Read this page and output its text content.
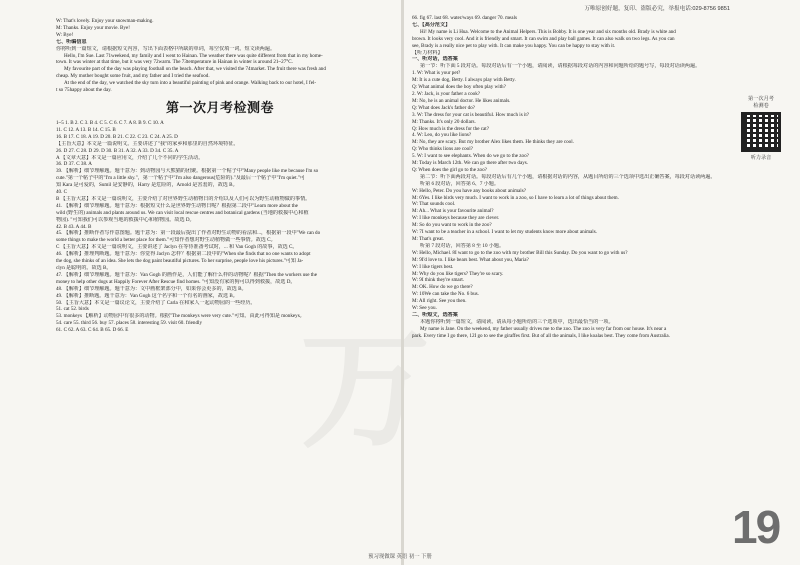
万
W: That's lovely. Enjoy your snowman-making.
M: Thanks. Enjoy your movie. Bye!
W: Bye!
七、听编信息
你将听到一篇短文，请根据短文内容，写出下面表格中所缺的单词，每空仅填一词。短文读两遍。
Hello, I'm Sue. Last 71weekend, my family and I went to Hainan. The weather there was quite different from that in my home-
town. It was winter at that time, but it was very 72warm. The 73temperature in Hainan in winter is around 21~27°C.
My favourite part of the day was playing football on the beach. After that, we visited the 74market. The fruit there was fresh and
cheap. My mother bought some fruit, and my father and I tried the seafood.
At the end of the day, we watched the sky turn into a beautiful painting of pink and orange. Walking back to our hotel, I fel-
t so 75happy about the day.
第一次月考检测卷
1~5 1. B 2. C 3. B 4. C 5. C 6. C 7. A 8. B 9. C 10. A
11. C 12. A 13. B 14. C 15. B
16. B 17. C 18. A 19. D 20. B 21. C 22. C 23. C 24. A 25. D
【主旨大意】本文是一篇说明文。主要讲述了"我"的家乡和那里的自然环境特征。
26. D 27. C 28. D 29. D 30. B 31. A 32. A 33. D 34. C 35. A
A 【文章大意】本文是一篇应用文，介绍了几个不同的学生活动。
36. D 37. C 38. A
39. 【解析】细节理解题。题干意为：到动物园与大熊猫的团聚。根据第一个帖子中"Many people like me because I'm so
cute."第一个帖子中的"I'm a little shy."，第一个帖子中"I'm also dangerous(危险的)."及最后一个帖子中"I'm quiet."可
知 Kara 是可爱的，Sumil 是安静的，Harry 是危险的，Arnold 是害羞的，故选 B。
40. C
B 【主旨大意】本文是一篇说明文，主要介绍了对世界野生动植物日的介绍以及人们可以为野生动植物做的事情。
41. 【解析】细节理解题。题干意为：根据短文什么是世界野生动物日呢？根据第二段中"Learn more about the
wild (野生的) animals and plants around us. We can visit local rescue centres and botanical gardens (当地的救援中心和植
物园). "可知我们可以参观当地的救援中心和植物园。故选 D。
42. B 43. A 44. B
45. 【解析】推断作者写作意图题。题干意为：第一段最后提出了作者对野生动物的看法和...，根据第一段中"We can do
some things to make the world a better place for them."可知作者想对野生动植物做一些事情。故选 C。
C 【主旨大意】本文是一篇说明文，主要讲述了 Jaclyn 在等待准备考试时，... 和 Van Gogh 的故事，故选 C。
46. 【解析】推理判断题。题干意为：你觉得 Jaclyn 怎样？根据第二段中的"When she finds that no one wants to adopt
the dog, she thinks of an idea. She lets the dog paint beautiful pictures. To her surprise, people love his pictures."可知 Ja-
clyn 是聪明的。故选 B。
47. 【解析】细节理解题。题干意为：Van Gogh 的画作是，人们能了解什么样的动物呢？根据"Then the workers use the
money to help other dogs at Happily Forever After Rescue find homes. "可知没有家的狗可以得到救援，故选 D。
48. 【解析】细节理解题。题干意为：文中画框架部分中，如果你会更多的，故选 B。
49. 【解析】推断题。题干意为：Van Gogh 这个名字和一个有名的画家，故选 B。
50. 【主旨大意】本文是一篇议论文，主要介绍了 Carla 在和家人一起动物园的一些经历。
51. cat 52. birds
53. monkeys 【解析】动物园中有很多的动物。根据"The monkeys were very cute."可知。由此可得知是 monkeys。
54. care 55. third 56. buy 57. places 58. interesting 59. visit 60. friendly
61. C 62. A 63. C 64. B 65. D 66. E
万唯原创好题，复印、盗版必究，举报电话:029-8756 9851
66. fig 67. last 68. water/ways 69. danger 70. meals
七、【高分范文】
Hi! My name is Li Hua. Welcome to the Animal Helpers. This is Bobby. It is one year and six months old. Brady is white and
brown. It looks very cool. And it is friendly and smart. It can swim and play ball games. It can also walk on two legs. As you can
see, Brady is a really nice pet to play with. It can make you happy. You can be happy to stay with it.
【听力材料】
一、听对话，选答案
第一节：听下面 5 段对话。每段对话后有一个小题，请阅读，请根据每段对话的内容和问题所给的题号写，每段对话读两遍。
1. W: What is your pet?
M: It is a cute dog, Betty. I always play with Betty.
Q: What animal does the boy often play with?
2. W: Jack, is your father a cook?
M: No, he is an animal doctor. He likes animals.
Q: What does Jack's father do?
3. W: The dress for your cat is beautiful. How much is it?
M: Thanks. It's only 20 dollars.
Q: How much is the dress for the cat?
4. W: Leo, do you like lions?
M: No, they are scary. But my brother Alex likes them. He thinks they are cool.
Q: Who thinks lions are cool?
5. W: I want to see elephants. When do we go to the zoo?
M: Today is March 12th. We can go there after two days.
Q: When does the girl go to the zoo?
第二节：听下面两段对话。每段对话后有几个小题，请根据对话的内容，从题目所给的三个选项中选出正确答案，每段对话读两遍。
听第 6 段对话，回答第 6、7 小题。
W: Hello, Peter. Do you have any books about animals?
M: 6Yes. I like birds very much. I want to work in a zoo, so I have to learn a lot of things about them.
W: That sounds cool.
M: Ah... What is your favourite animal?
W: I like monkeys because they are clever.
M: So do you want to work in the zoo?
W: 7I want to be a teacher in a school. I want to let my students know more about animals.
M: That's great.
听第 7 段对话，回答第 8 至 10 小题。
W: Hello, Michael. 8I want to go to the zoo with my brother Bill this Sunday. Do you want to go with us?
M: 9I'd love to. I like bears best. What about you, Maria?
W: I like tigers best.
M: Why do you like tigers? They're so scary.
W: 9I think they're smart.
M: OK. How do we go there?
W: 10We can take the No. 6 bus.
M: All right. See you then.
W: See you.
二、听短文，选答案
本题你将听到一篇短文，请阅读。请从每小题所给的三个选项中，选出最恰当的一项。
My name is Jane. On the weekend, my father usually drives me to the zoo. The zoo is very far from our house. It's near a
park. Every time I go there, 12I go to see the giraffes first. But of all the animals, I like koalas best. They come from Australia.
第一次月考
检测卷
听力录音
19
预习现做课 英语 初一 下册
